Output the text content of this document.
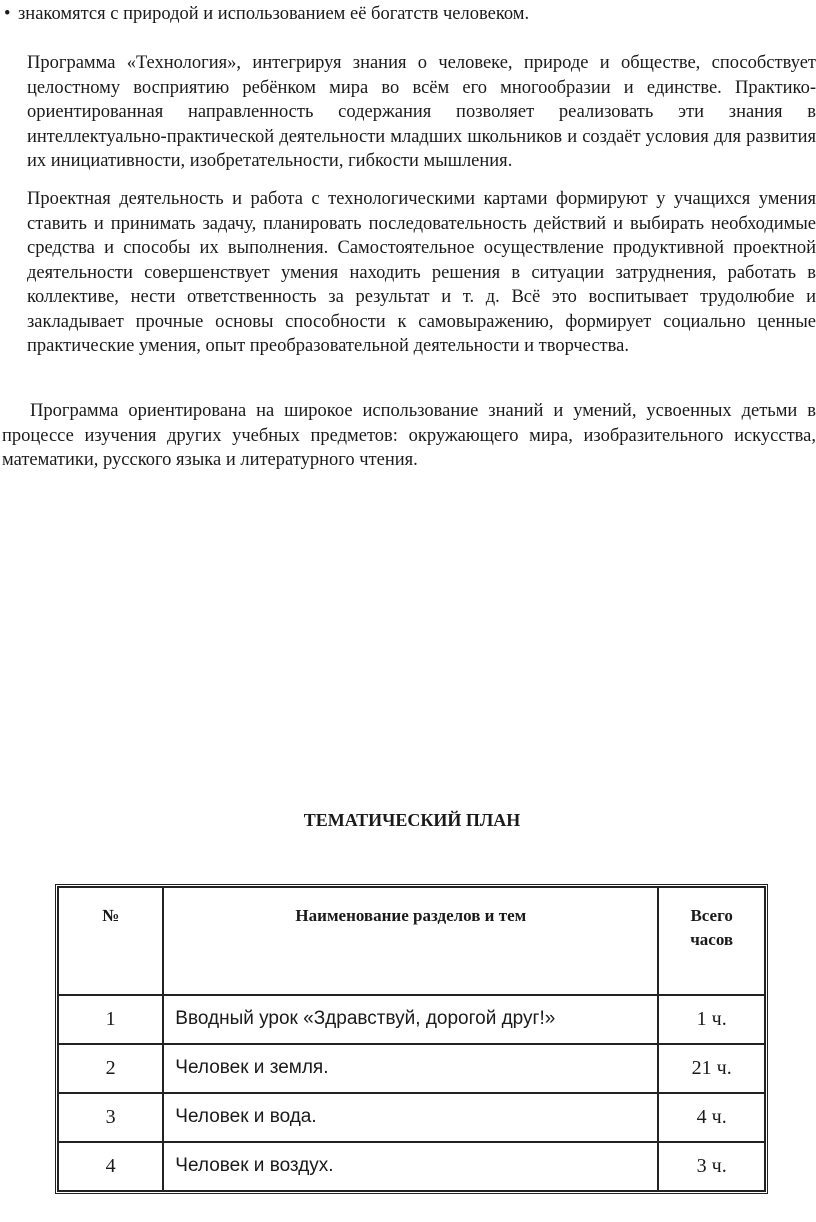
• знакомятся с природой и использованием её богатств человеком.
Программа «Технология», интегрируя знания о человеке, природе и обществе, способствует целостному восприятию ребёнком мира во всём его многообразии и единстве. Практико-ориентированная направленность содержания позволяет реализовать эти знания в интеллектуально-практической деятельности младших школьников и создаёт условия для развития их инициативности, изобретательности, гибкости мышления.
Проектная деятельность и работа с технологическими картами формируют у учащихся умения ставить и принимать задачу, планировать последовательность действий и выбирать необходимые средства и способы их выполнения. Самостоятельное осуществление продуктивной проектной деятельности совершенствует умения находить решения в ситуации затруднения, работать в коллективе, нести ответственность за результат и т. д. Всё это воспитывает трудолюбие и закладывает прочные основы способности к самовыражению, формирует социально ценные практические умения, опыт преобразовательной деятельности и творчества.
Программа ориентирована на широкое использование знаний и умений, усвоенных детьми в процессе изучения других учебных предметов: окружающего мира, изобразительного искусства, математики, русского языка и литературного чтения.
ТЕМАТИЧЕСКИЙ ПЛАН
№	Наименование разделов и тем	Всего часов
1	Вводный урок «Здравствуй, дорогой друг!»	1 ч.
2	Человек и земля.	21 ч.
3	Человек и вода.	4 ч.
4	Человек и воздух.	3 ч.
